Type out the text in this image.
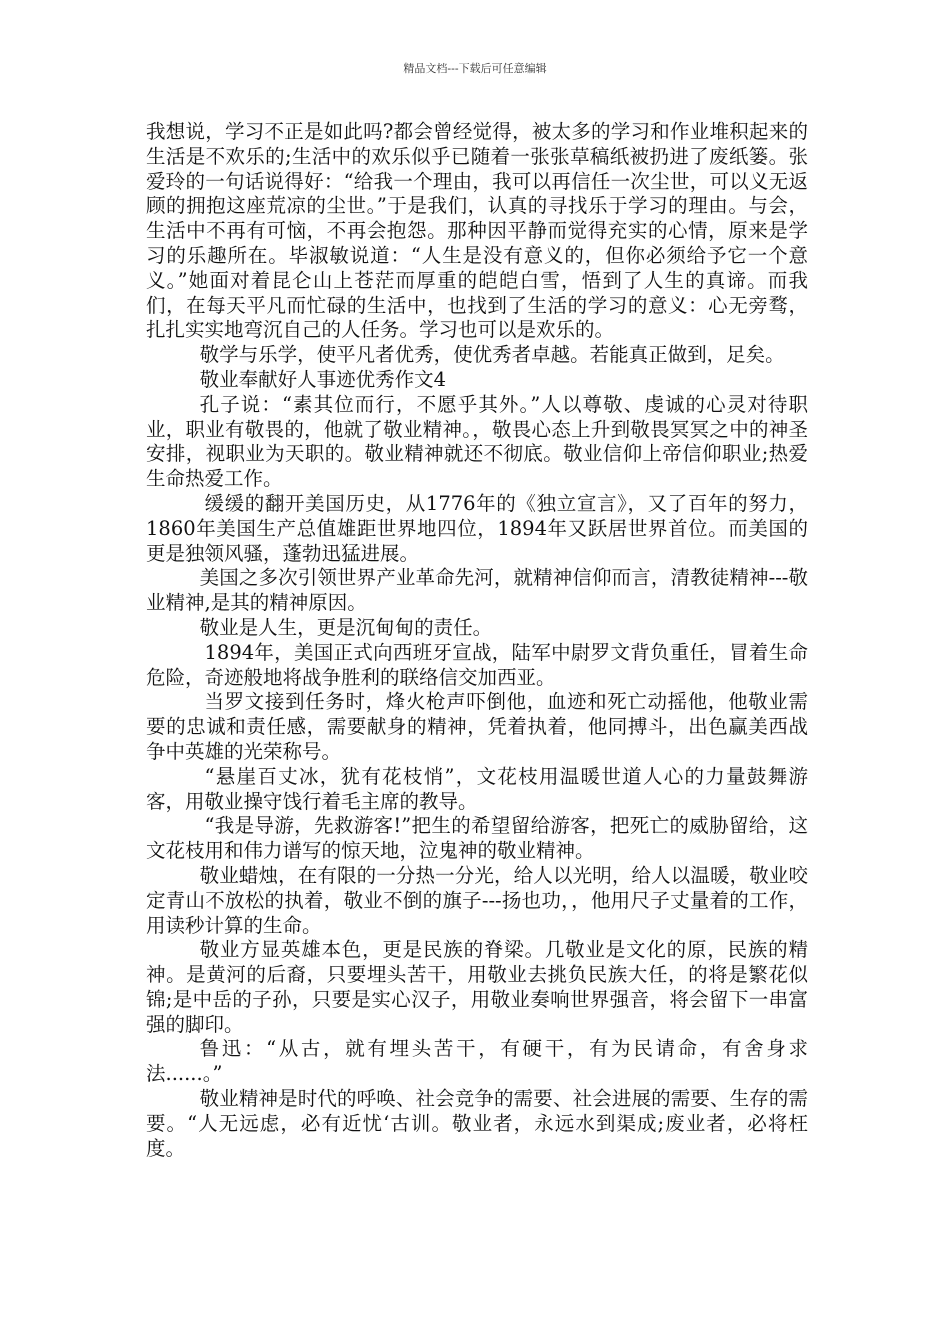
精品文档---下载后可任意编辑

我想说，学习不正是如此吗?都会曾经觉得，被太多的学习和作业堆积起来的生活是不欢乐的;生活中的欢乐似乎已随着一张张草稿纸被扔进了废纸篓。张爱玲的一句话说得好：“给我一个理由，我可以再信任一次尘世，可以义无返顾的拥抱这座荒凉的尘世。”于是我们，认真的寻找乐于学习的理由。与会，生活中不再有可恼，不再会抱怨。那种因平静而觉得充实的心情，原来是学习的乐趣所在。毕淑敏说道：“人生是没有意义的，但你必须给予它一个意义。”她面对着昆仑山上苍茫而厚重的皑皑白雪，悟到了人生的真谛。而我们，在每天平凡而忙碌的生活中，也找到了生活的学习的意义：心无旁骛，扎扎实实地弯沉自己的人任务。学习也可以是欢乐的。

敬学与乐学，使平凡者优秀，使优秀者卓越。若能真正做到，足矣。

敬业奉献好人事迹优秀作文4

孔子说：“素其位而行，不愿乎其外。”人以尊敬、虔诚的心灵对待职业，职业有敬畏的，他就了敬业精神。，敬畏心态上升到敬畏冥冥之中的神圣安排，视职业为天职的。敬业精神就还不彻底。敬业信仰上帝信仰职业;热爱生命热爱工作。

缓缓的翻开美国历史，从1776年的《独立宣言》，又了百年的努力，1860年美国生产总值雄距世界地四位，1894年又跃居世界首位。而美国的更是独领风骚，蓬勃迅猛进展。

美国之多次引领世界产业革命先河，就精神信仰而言，清教徒精神---敬业精神,是其的精神原因。

敬业是人生，更是沉甸甸的责任。

1894年，美国正式向西班牙宣战，陆军中尉罗文背负重任，冒着生命危险，奇迹般地将战争胜利的联络信交加西亚。

当罗文接到任务时，烽火枪声吓倒他，血迹和死亡动摇他，他敬业需要的忠诚和责任感，需要献身的精神，凭着执着，他同搏斗，出色赢美西战争中英雄的光荣称号。

“悬崖百丈冰，犹有花枝悄”，文花枝用温暖世道人心的力量鼓舞游客，用敬业操守饯行着毛主席的教导。

“我是导游，先救游客!”把生的希望留给游客，把死亡的威胁留给，这文花枝用和伟力谱写的惊天地，泣鬼神的敬业精神。

敬业蜡烛，在有限的一分热一分光，给人以光明，给人以温暖，敬业咬定青山不放松的执着，敬业不倒的旗子---扬也功，，他用尺子丈量着的工作，用读秒计算的生命。

敬业方显英雄本色，更是民族的脊梁。几敬业是文化的原，民族的精神。是黄河的后裔，只要埋头苦干，用敬业去挑负民族大任，的将是繁花似锦;是中岳的子孙，只要是实心汉子，用敬业奏响世界强音，将会留下一串富强的脚印。

鲁迅：“从古，就有埋头苦干，有硬干，有为民请命，有舍身求法......。”

敬业精神是时代的呼唤、社会竞争的需要、社会进展的需要、生存的需要。“人无远虑，必有近忧‘古训。敬业者，永远水到渠成;废业者，必将枉度。
